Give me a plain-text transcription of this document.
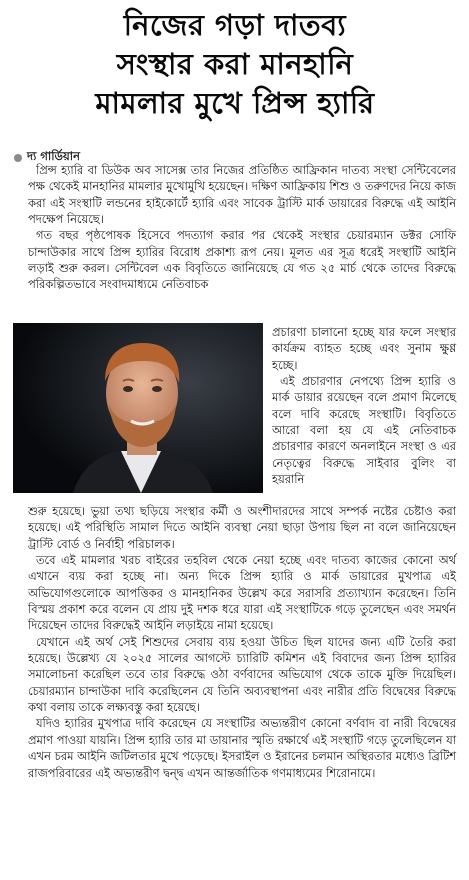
নিজের গড়া দাতব্য
সংস্থার করা মানহানি
মামলার মুখে প্রিন্স হ্যারি
দ্য গার্ডিয়ান

প্রিন্স হ্যারি বা ডিউক অব সাসেক্স তার নিজের প্রতিষ্ঠিত আফ্রিকান দাতব্য সংস্থা সেন্টিবেলের পক্ষ থেকেই মানহানির মামলার মুখোমুখি হয়েছেন। দক্ষিণ আফ্রিকায় শিশু ও তরুণদের নিয়ে কাজ করা এই সংস্থাটি লন্ডনের হাইকোর্টে হ্যারি এবং সাবেক ট্রাস্টি মার্ক ডায়ারের বিরুদ্ধে এই আইনি পদক্ষেপ নিয়েছে।

গত বছর পৃষ্ঠপোষক হিসেবে পদত্যাগ করার পর থেকেই সংস্থার চেয়ারম্যান ডক্টর সোফি চান্দাউকার সাথে প্রিন্স হ্যারির বিরোধ প্রকাশ্য রূপ নেয়। মূলত এর সূত্র ধরেই সংস্থাটি আইনি লড়াই শুরু করল। সেন্টিবেল এক বিবৃতিতে জানিয়েছে যে গত ২৫ মার্চ থেকে তাদের বিরুদ্ধে পরিকল্পিতভাবে সংবাদমাধ্যমে নেতিবাচক

প্রচারণা চালানো হচ্ছে যার ফলে সংস্থার কার্যক্রম ব্যাহত হচ্ছে এবং সুনাম ক্ষুণ্ণ হচ্ছে।

এই প্রচারণার নেপথ্যে প্রিন্স হ্যারি ও মার্ক ডায়ার রয়েছেন বলে প্রমাণ মিলেছে বলে দাবি করেছে সংস্থাটি। বিবৃতিতে আরো বলা হয় যে এই নেতিবাচক প্রচারণার কারণে অনলাইনে সংস্থা ও এর নেতৃত্বের বিরুদ্ধে সাইবার বুলিং বা হয়রানি

শুরু হয়েছে। ভুয়া তথ্য ছড়িয়ে সংস্থার কর্মী ও অংশীদারদের সাথে সম্পর্ক নষ্টের চেষ্টাও করা হয়েছে। এই পরিস্থিতি সামাল দিতে আইনি ব্যবস্থা নেয়া ছাড়া উপায় ছিল না বলে জানিয়েছেন ট্রাস্টি বোর্ড ও নির্বাহী পরিচালক।

তবে এই মামলার খরচ বাইরের তহবিল থেকে নেয়া হচ্ছে এবং দাতব্য কাজের কোনো অর্থ এখানে ব্যয় করা হচ্ছে না। অন্য দিকে প্রিন্স হ্যারি ও মার্ক ডায়ারের মুখপাত্র এই অভিযোগগুলোকে আপত্তিকর ও মানহানিকর উল্লেখ করে সরাসরি প্রত্যাখ্যান করেছেন। তিনি বিস্ময় প্রকাশ করে বলেন যে প্রায় দুই দশক ধরে যারা এই সংস্থাটিকে গড়ে তুলেছেন এবং সমর্থন দিয়েছেন তাদের বিরুদ্ধেই আইনি লড়াইয়ে নামা হয়েছে।

যেখানে এই অর্থ সেই শিশুদের সেবায় ব্যয় হওয়া উচিত ছিল যাদের জন্য এটি তৈরি করা হয়েছে। উল্লেখ্য যে ২০২৫ সালের আগস্টে চ্যারিটি কমিশন এই বিবাদের জন্য প্রিন্স হ্যারির সমালোচনা করেছিল তবে তার বিরুদ্ধে ওঠা বর্ণবাদের অভিযোগ থেকে তাকে মুক্তি দিয়েছিল। চেয়ারম্যান চান্দাউকা দাবি করেছিলেন যে তিনি অব্যবস্থাপনা এবং নারীর প্রতি বিদ্বেষের বিরুদ্ধে কথা বলায় তাকে লক্ষ্যবস্তু করা হয়েছে।

যদিও হ্যারির মুখপাত্র দাবি করেছেন যে সংস্থাটির অভ্যন্তরীণ কোনো বর্ণবাদ বা নারী বিদ্বেষের প্রমাণ পাওয়া যায়নি। প্রিন্স হ্যারি তার মা ডায়ানার স্মৃতি রক্ষার্থে এই সংস্থাটি গড়ে তুলেছিলেন যা এখন চরম আইনি জটিলতার মুখে পড়েছে। ইসরাইল ও ইরানের চলমান অস্থিরতার মধ্যেও ব্রিটিশ রাজপরিবারের এই অভ্যন্তরীণ দ্বন্দ্ব এখন আন্তর্জাতিক গণমাধ্যমের শিরোনামে।
